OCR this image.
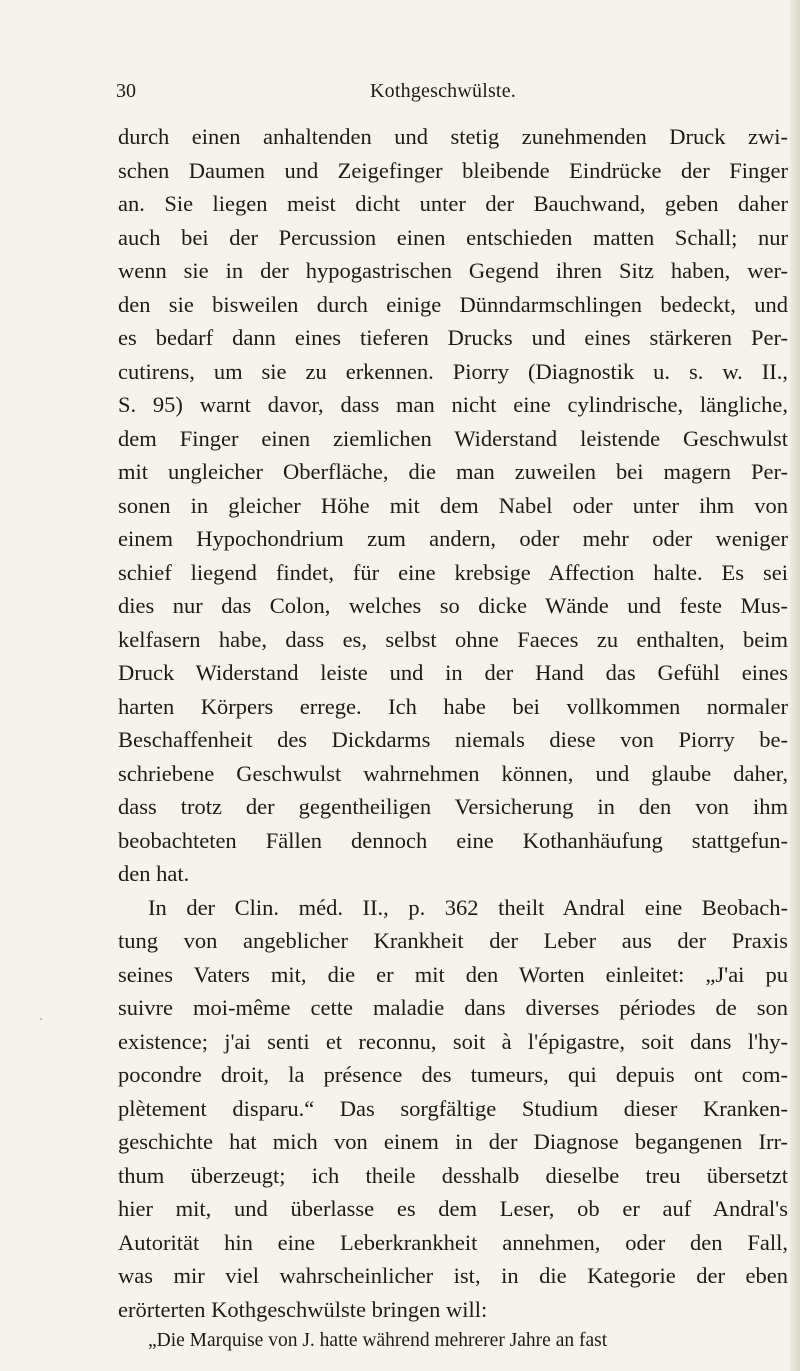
30	Kothgeschwülste.
durch einen anhaltenden und stetig zunehmenden Druck zwi-
schen Daumen und Zeigefinger bleibende Eindrücke der Finger
an. Sie liegen meist dicht unter der Bauchwand, geben daher
auch bei der Percussion einen entschieden matten Schall; nur
wenn sie in der hypogastrischen Gegend ihren Sitz haben, wer-
den sie bisweilen durch einige Dünndarmschlingen bedeckt, und
es bedarf dann eines tieferen Drucks und eines stärkeren Per-
cutirens, um sie zu erkennen. Piorry (Diagnostik u. s. w. II.,
S. 95) warnt davor, dass man nicht eine cylindrische, längliche,
dem Finger einen ziemlichen Widerstand leistende Geschwulst
mit ungleicher Oberfläche, die man zuweilen bei magern Per-
sonen in gleicher Höhe mit dem Nabel oder unter ihm von
einem Hypochondrium zum andern, oder mehr oder weniger
schief liegend findet, für eine krebsige Affection halte. Es sei
dies nur das Colon, welches so dicke Wände und feste Mus-
kelfasern habe, dass es, selbst ohne Faeces zu enthalten, beim
Druck Widerstand leiste und in der Hand das Gefühl eines
harten Körpers errege. Ich habe bei vollkommen normaler
Beschaffenheit des Dickdarms niemals diese von Piorry be-
schriebene Geschwulst wahrnehmen können, und glaube daher,
dass trotz der gegentheiligen Versicherung in den von ihm
beobachteten Fällen dennoch eine Kothanhäufung stattgefun-
den hat.
In der Clin. méd. II., p. 362 theilt Andral eine Beobach-
tung von angeblicher Krankheit der Leber aus der Praxis
seines Vaters mit, die er mit den Worten einleitet: „J'ai pu
suivre moi-même cette maladie dans diverses périodes de son
existence; j'ai senti et reconnu, soit à l'épigastre, soit dans l'hy-
pocondre droit, la présence des tumeurs, qui depuis ont com-
plètement disparu.“ Das sorgfältige Studium dieser Kranken-
geschichte hat mich von einem in der Diagnose begangenen Irr-
thum überzeugt; ich theile desshalb dieselbe treu übersetzt
hier mit, und überlasse es dem Leser, ob er auf Andral's
Autorität hin eine Leberkrankheit annehmen, oder den Fall,
was mir viel wahrscheinlicher ist, in die Kategorie der eben
erörterten Kothgeschwülste bringen will:
„Die Marquise von J. hatte während mehrerer Jahre an fast
